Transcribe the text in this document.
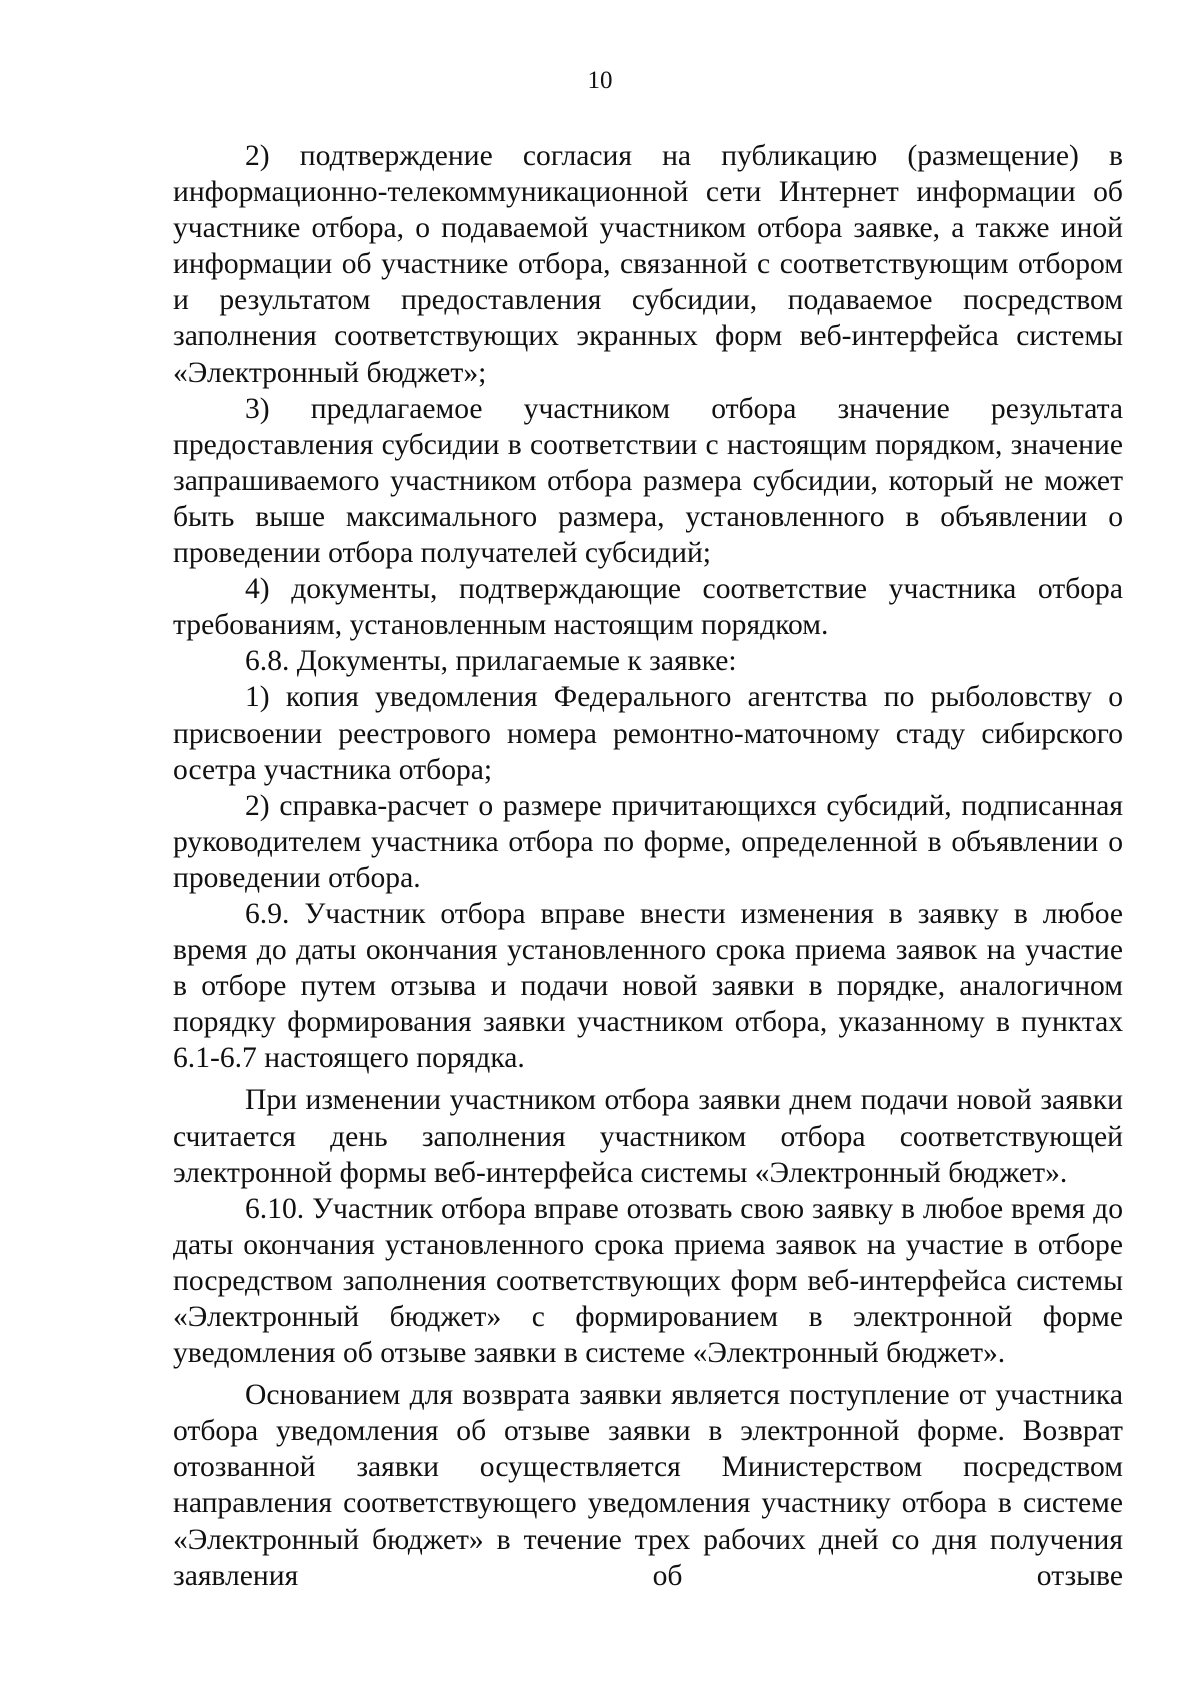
10

2) подтверждение согласия на публикацию (размещение) в информационно-телекоммуникационной сети Интернет информации об участнике отбора, о подаваемой участником отбора заявке, а также иной информации об участнике отбора, связанной с соответствующим отбором и результатом предоставления субсидии, подаваемое посредством заполнения соответствующих экранных форм веб-интерфейса системы «Электронный бюджет»;

3) предлагаемое участником отбора значение результата предоставления субсидии в соответствии с настоящим порядком, значение запрашиваемого участником отбора размера субсидии, который не может быть выше максимального размера, установленного в объявлении о проведении отбора получателей субсидий;

4) документы, подтверждающие соответствие участника отбора требованиям, установленным настоящим порядком.

6.8. Документы, прилагаемые к заявке:

1) копия уведомления Федерального агентства по рыболовству о присвоении реестрового номера ремонтно-маточному стаду сибирского осетра участника отбора;

2) справка-расчет о размере причитающихся субсидий, подписанная руководителем участника отбора по форме, определенной в объявлении о проведении отбора.

6.9. Участник отбора вправе внести изменения в заявку в любое время до даты окончания установленного срока приема заявок на участие в отборе путем отзыва и подачи новой заявки в порядке, аналогичном порядку формирования заявки участником отбора, указанному в пунктах 6.1-6.7 настоящего порядка.

При изменении участником отбора заявки днем подачи новой заявки считается день заполнения участником отбора соответствующей электронной формы веб-интерфейса системы «Электронный бюджет».

6.10. Участник отбора вправе отозвать свою заявку в любое время до даты окончания установленного срока приема заявок на участие в отборе посредством заполнения соответствующих форм веб-интерфейса системы «Электронный бюджет» с формированием в электронной форме уведомления об отзыве заявки в системе «Электронный бюджет».

Основанием для возврата заявки является поступление от участника отбора уведомления об отзыве заявки в электронной форме. Возврат отозванной заявки осуществляется Министерством посредством направления соответствующего уведомления участнику отбора в системе «Электронный бюджет» в течение трех рабочих дней со дня получения заявления об отзыве
